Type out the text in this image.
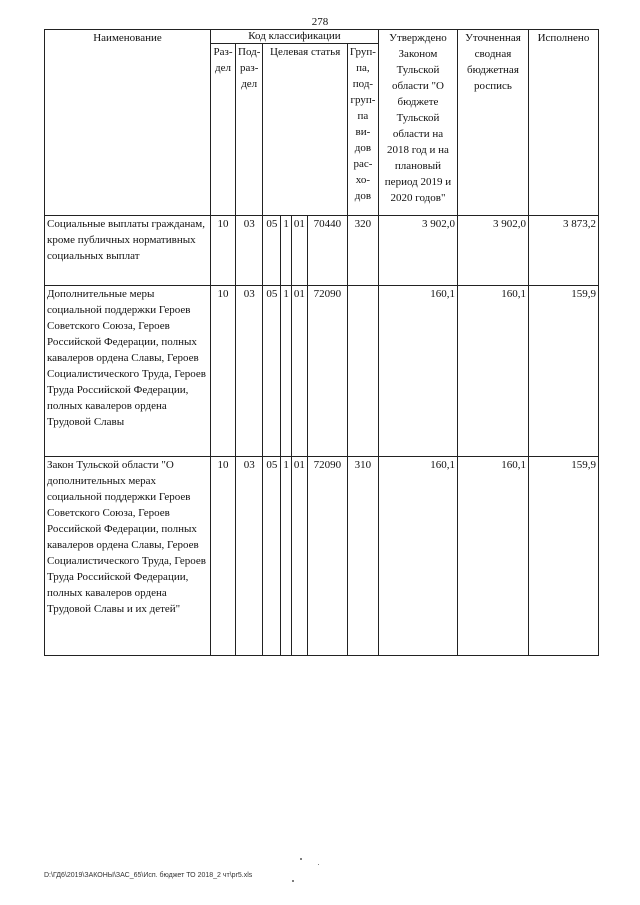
278
Наименование	Код классификации							Утверждено Законом Тульской области "О бюджете Тульской области на 2018 год и на плановый период 2019 и 2020 годов"	Уточненная сводная бюджетная роспись	Исполнено
	Раз-дел	Под-раз-дел	Целевая статья				Груп-па, под-груп-па ви-дов рас-хо-дов			
Социальные выплаты гражданам, кроме публичных нормативных социальных выплат	10	03	05	1	01	70440	320	3 902,0	3 902,0	3 873,2
Дополнительные меры социальной поддержки Героев Советского Союза, Героев Российской Федерации, полных кавалеров ордена Славы, Героев Социалистического Труда, Героев Труда Российской Федерации, полных кавалеров ордена Трудовой Славы	10	03	05	1	01	72090		160,1	160,1	159,9
Закон Тульской области "О дополнительных мерах социальной поддержки Героев Советского Союза, Героев Российской Федерации, полных кавалеров ордена Славы, Героев Социалистического Труда, Героев Труда Российской Федерации, полных кавалеров ордена Трудовой Славы и их детей"	10	03	05	1	01	72090	310	160,1	160,1	159,9
D:\ГД6\2019\ЗАКОНЫ\ЗАС_65\Исп. бюджет ТО 2018_2 чт\pr5.xls
